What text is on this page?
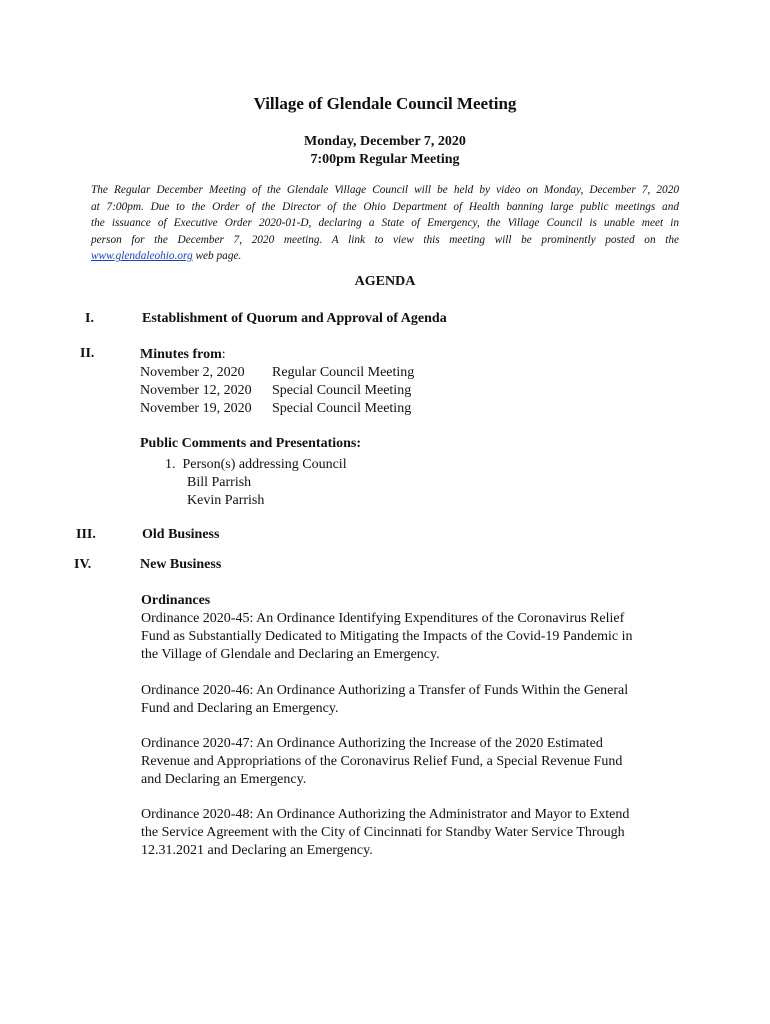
Village of Glendale Council Meeting
Monday, December 7, 2020
7:00pm Regular Meeting
The Regular December Meeting of the Glendale Village Council will be held by video on Monday, December 7, 2020
at 7:00pm. Due to the Order of the Director of the Ohio Department of Health banning large public meetings and
the issuance of Executive Order 2020-01-D, declaring a State of Emergency, the Village Council is unable meet in
person for the December 7, 2020 meeting. A link to view this meeting will be prominently posted on the
www.glendaleohio.org web page.
AGENDA
I.	Establishment of Quorum and Approval of Agenda
II.	Minutes from:
November 2, 2020 Regular Council Meeting
November 12, 2020 Special Council Meeting
November 19, 2020 Special Council Meeting
Public Comments and Presentations:
1. Person(s) addressing Council
Bill Parrish
Kevin Parrish
III.	Old Business
IV.	New Business
Ordinances
Ordinance 2020-45: An Ordinance Identifying Expenditures of the Coronavirus Relief
Fund as Substantially Dedicated to Mitigating the Impacts of the Covid-19 Pandemic in
the Village of Glendale and Declaring an Emergency.
Ordinance 2020-46: An Ordinance Authorizing a Transfer of Funds Within the General
Fund and Declaring an Emergency.
Ordinance 2020-47: An Ordinance Authorizing the Increase of the 2020 Estimated
Revenue and Appropriations of the Coronavirus Relief Fund, a Special Revenue Fund
and Declaring an Emergency.
Ordinance 2020-48: An Ordinance Authorizing the Administrator and Mayor to Extend
the Service Agreement with the City of Cincinnati for Standby Water Service Through
12.31.2021 and Declaring an Emergency.
